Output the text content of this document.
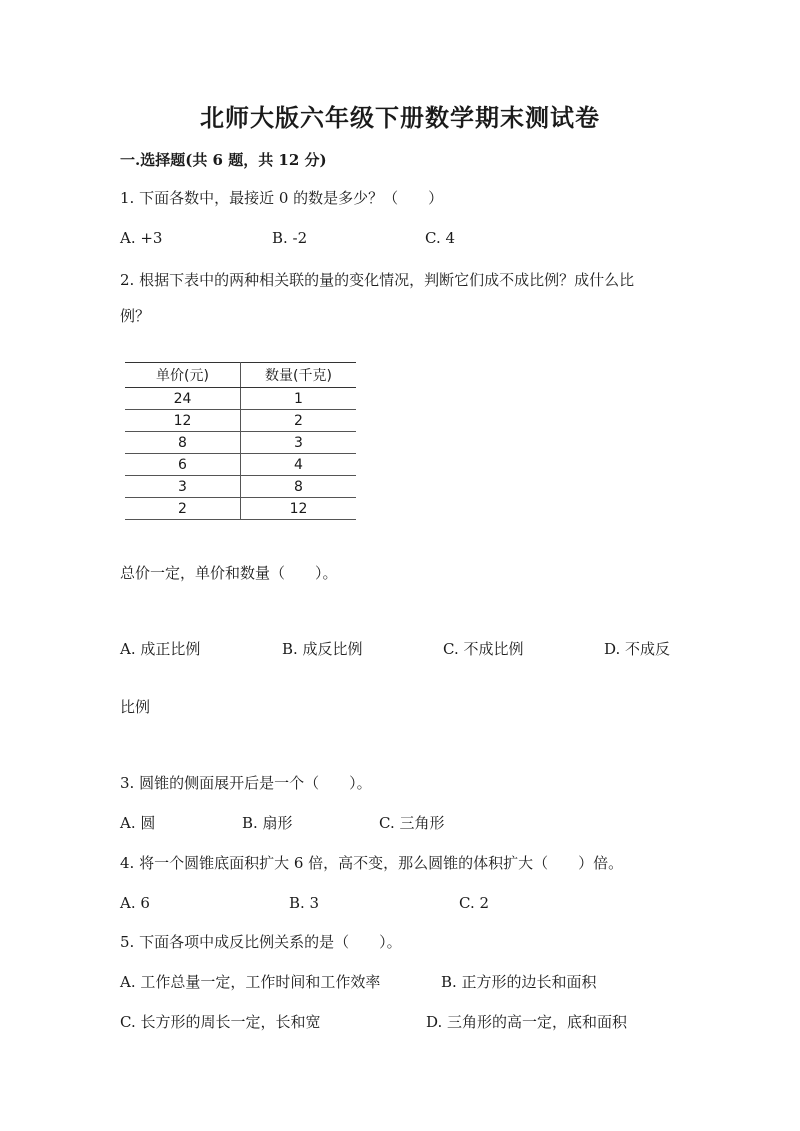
北师大版六年级下册数学期末测试卷
一.选择题(共 6 题，共 12 分)
1. 下面各数中，最接近 0 的数是多少？（　　）
A. +3	B. -2	C. 4
2. 根据下表中的两种相关联的量的变化情况，判断它们成不成比例？成什么比
例？
单价(元)	数量(千克)
24	1
12	2
8	3
6	4
3	8
2	12
总价一定，单价和数量（　　）。
A. 成正比例	B. 成反比例	C. 不成比例	D. 不成反
比例
3. 圆锥的侧面展开后是一个（　　）。
A. 圆	B. 扇形	C. 三角形
4. 将一个圆锥底面积扩大 6 倍，高不变，那么圆锥的体积扩大（　　）倍。
A. 6	B. 3	C. 2
5. 下面各项中成反比例关系的是（　　）。
A. 工作总量一定，工作时间和工作效率	B. 正方形的边长和面积
C. 长方形的周长一定，长和宽	D. 三角形的高一定，底和面积
